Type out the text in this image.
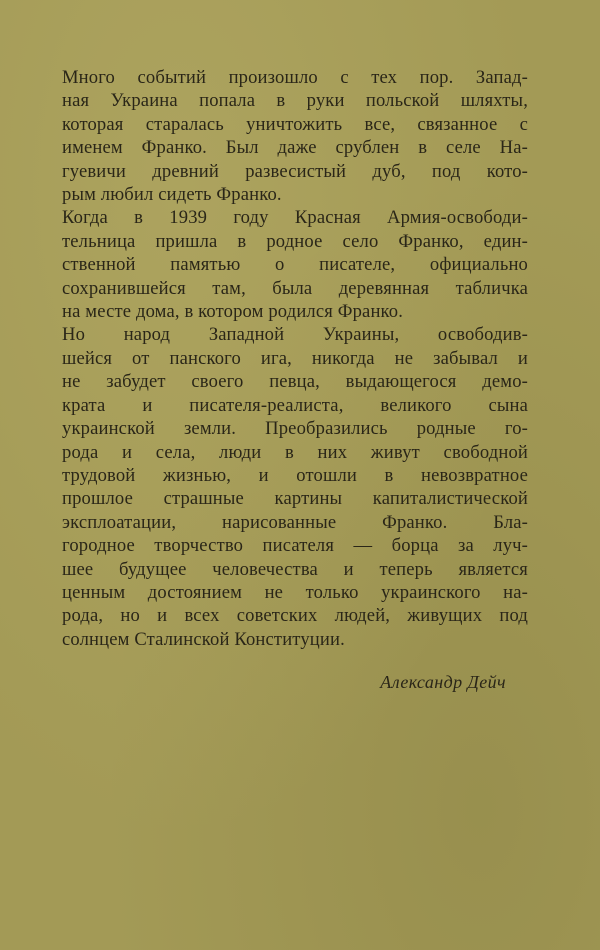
Много событий произошло с тех пор. Запад-
ная Украина попала в руки польской шляхты,
которая старалась уничтожить все, связанное с
именем Франко. Был даже срублен в селе На-
гуевичи древний развесистый дуб, под кото-
рым любил сидеть Франко.
Когда в 1939 году Красная Армия-освободи-
тельница пришла в родное село Франко, един-
ственной памятью о писателе, официально
сохранившейся там, была деревянная табличка
на месте дома, в котором родился Франко.
Но народ Западной Украины, освободив-
шейся от панского ига, никогда не забывал и
не забудет своего певца, выдающегося демо-
крата и писателя-реалиста, великого сына
украинской земли. Преобразились родные го-
рода и села, люди в них живут свободной
трудовой жизнью, и отошли в невозвратное
прошлое страшные картины капиталистической
эксплоатации, нарисованные Франко. Бла-
городное творчество писателя — борца за луч-
шее будущее человечества и теперь является
ценным достоянием не только украинского на-
рода, но и всех советских людей, живущих под
солнцем Сталинской Конституции.
Александр Дейч
